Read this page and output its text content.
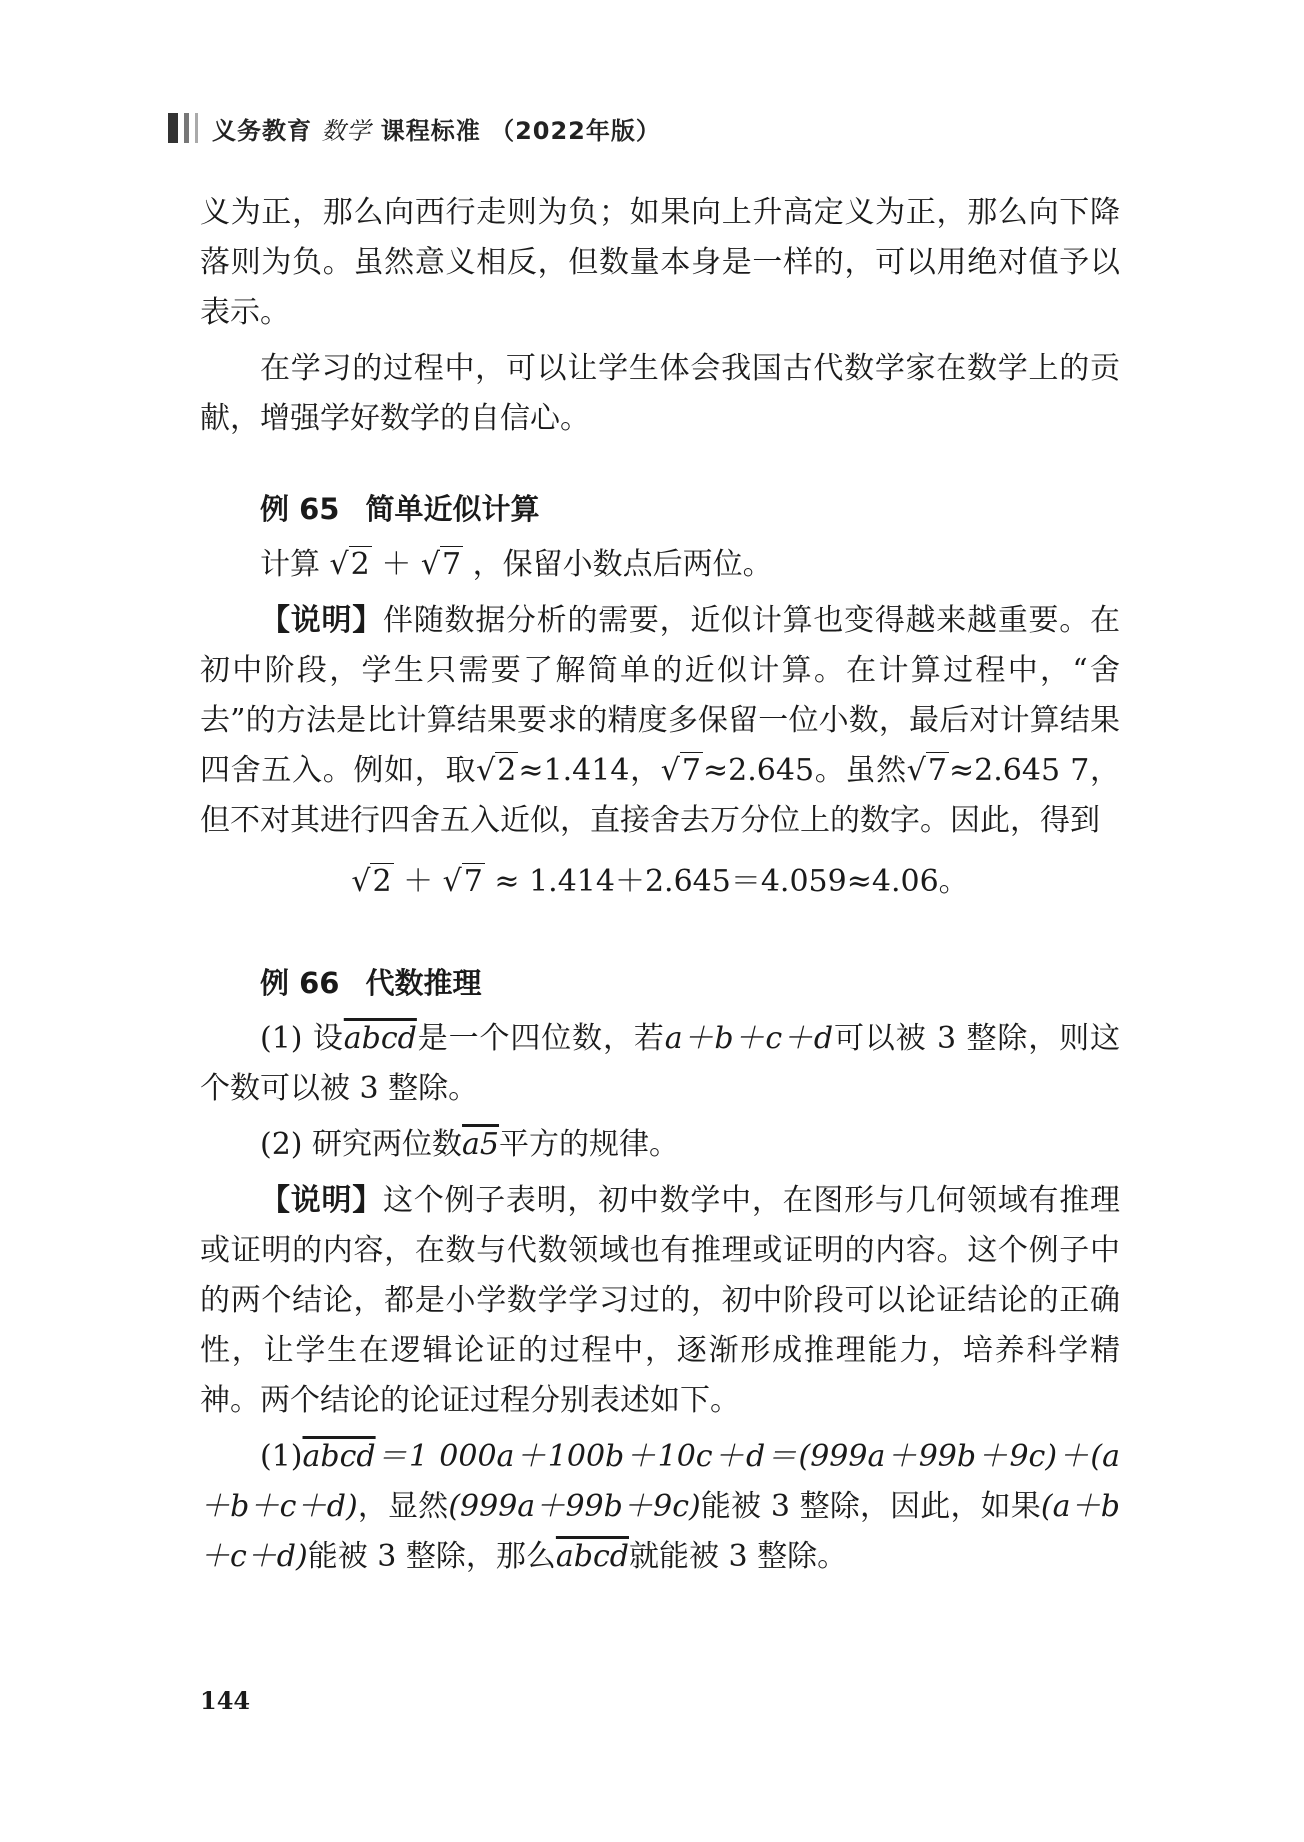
义务教育 数学 课程标准 （2022年版）

义为正，那么向西行走则为负；如果向上升高定义为正，那么向下降落则为负。虽然意义相反，但数量本身是一样的，可以用绝对值予以表示。

在学习的过程中，可以让学生体会我国古代数学家在数学上的贡献，增强学好数学的自信心。

例 65 简单近似计算

计算 √2 ＋ √7 ，保留小数点后两位。

【说明】伴随数据分析的需要，近似计算也变得越来越重要。在初中阶段，学生只需要了解简单的近似计算。在计算过程中，“舍去”的方法是比计算结果要求的精度多保留一位小数，最后对计算结果四舍五入。例如，取√2≈1.414，√7≈2.645。虽然√7≈2.645 7，但不对其进行四舍五入近似，直接舍去万分位上的数字。因此，得到

√2 ＋ √7 ≈ 1.414＋2.645＝4.059≈4.06。

例 66 代数推理

(1) 设abcd是一个四位数，若a＋b＋c＋d可以被 3 整除，则这个数可以被 3 整除。

(2) 研究两位数a5平方的规律。

【说明】这个例子表明，初中数学中，在图形与几何领域有推理或证明的内容，在数与代数领域也有推理或证明的内容。这个例子中的两个结论，都是小学数学学习过的，初中阶段可以论证结论的正确性，让学生在逻辑论证的过程中，逐渐形成推理能力，培养科学精神。两个结论的论证过程分别表述如下。

(1)abcd＝1 000a＋100b＋10c＋d＝(999a＋99b＋9c)＋(a＋b＋c＋d)，显然(999a＋99b＋9c)能被 3 整除，因此，如果(a＋b＋c＋d)能被 3 整除，那么abcd就能被 3 整除。

144
